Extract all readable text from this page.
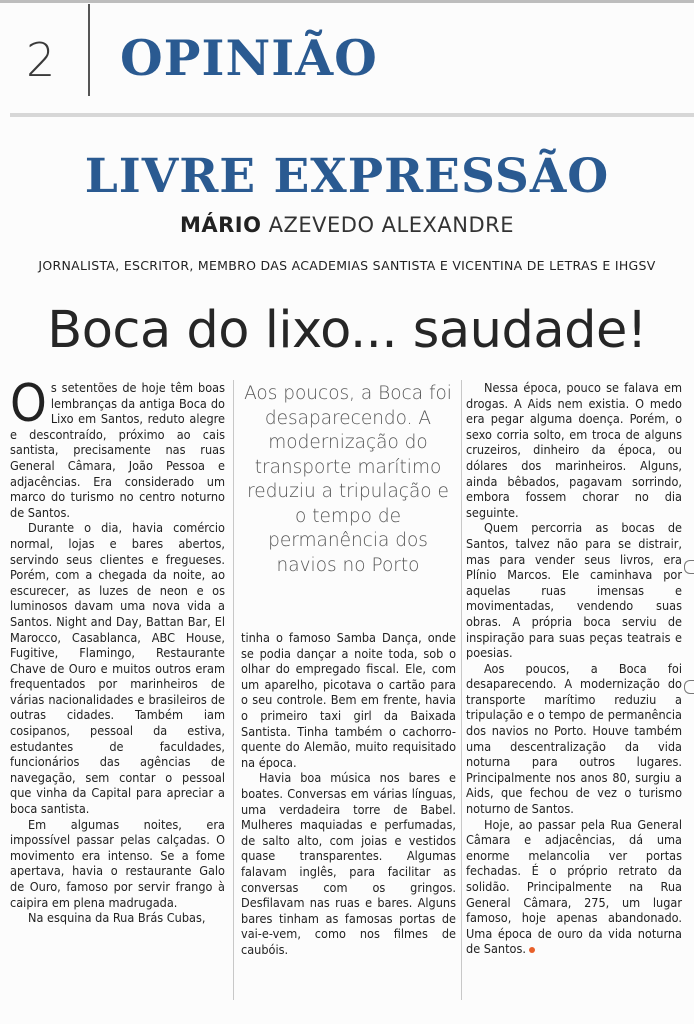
2 OPINIÃO
LIVRE EXPRESSÃO
MÁRIO AZEVEDO ALEXANDRE
JORNALISTA, ESCRITOR, MEMBRO DAS ACADEMIAS SANTISTA E VICENTINA DE LETRAS E IHGSV
Boca do lixo... saudade!

Os setentões de hoje têm boas lembranças da antiga Boca do Lixo em Santos, reduto alegre e descontraído, próximo ao cais santista, precisamente nas ruas General Câmara, João Pessoa e adjacências. Era considerado um marco do turismo no centro noturno de Santos.

Durante o dia, havia comércio normal, lojas e bares abertos, servindo seus clientes e fregueses. Porém, com a chegada da noite, ao escurecer, as luzes de neon e os luminosos davam uma nova vida a Santos. Night and Day, Battan Bar, El Marocco, Casablanca, ABC House, Fugitive, Flamingo, Restaurante Chave de Ouro e muitos outros eram frequentados por marinheiros de várias nacionalidades e brasileiros de outras cidades. Também iam cosipanos, pessoal da estiva, estudantes de faculdades, funcionários das agências de navegação, sem contar o pessoal que vinha da Capital para apreciar a boca santista.

Em algumas noites, era impossível passar pelas calçadas. O movimento era intenso. Se a fome apertava, havia o restaurante Galo de Ouro, famoso por servir frango à caipira em plena madrugada.

Na esquina da Rua Brás Cubas,

Aos poucos, a Boca foi desaparecendo. A modernização do transporte marítimo reduziu a tripulação e o tempo de permanência dos navios no Porto

tinha o famoso Samba Dança, onde se podia dançar a noite toda, sob o olhar do empregado fiscal. Ele, com um aparelho, picotava o cartão para o seu controle. Bem em frente, havia o primeiro taxi girl da Baixada Santista. Tinha também o cachorro-quente do Alemão, muito requisitado na época.

Havia boa música nos bares e boates. Conversas em várias línguas, uma verdadeira torre de Babel. Mulheres maquiadas e perfumadas, de salto alto, com joias e vestidos quase transparentes. Algumas falavam inglês, para facilitar as conversas com os gringos. Desfilavam nas ruas e bares. Alguns bares tinham as famosas portas de vai-e-vem, como nos filmes de caubóis.

Nessa época, pouco se falava em drogas. A Aids nem existia. O medo era pegar alguma doença. Porém, o sexo corria solto, em troca de alguns cruzeiros, dinheiro da época, ou dólares dos marinheiros. Alguns, ainda bêbados, pagavam sorrindo, embora fossem chorar no dia seguinte.

Quem percorria as bocas de Santos, talvez não para se distrair, mas para vender seus livros, era Plínio Marcos. Ele caminhava por aquelas ruas imensas e movimentadas, vendendo suas obras. A própria boca serviu de inspiração para suas peças teatrais e poesias.

Aos poucos, a Boca foi desaparecendo. A modernização do transporte marítimo reduziu a tripulação e o tempo de permanência dos navios no Porto. Houve também uma descentralização da vida noturna para outros lugares. Principalmente nos anos 80, surgiu a Aids, que fechou de vez o turismo noturno de Santos.

Hoje, ao passar pela Rua General Câmara e adjacências, dá uma enorme melancolia ver portas fechadas. É o próprio retrato da solidão. Principalmente na Rua General Câmara, 275, um lugar famoso, hoje apenas abandonado. Uma época de ouro da vida noturna de Santos.
